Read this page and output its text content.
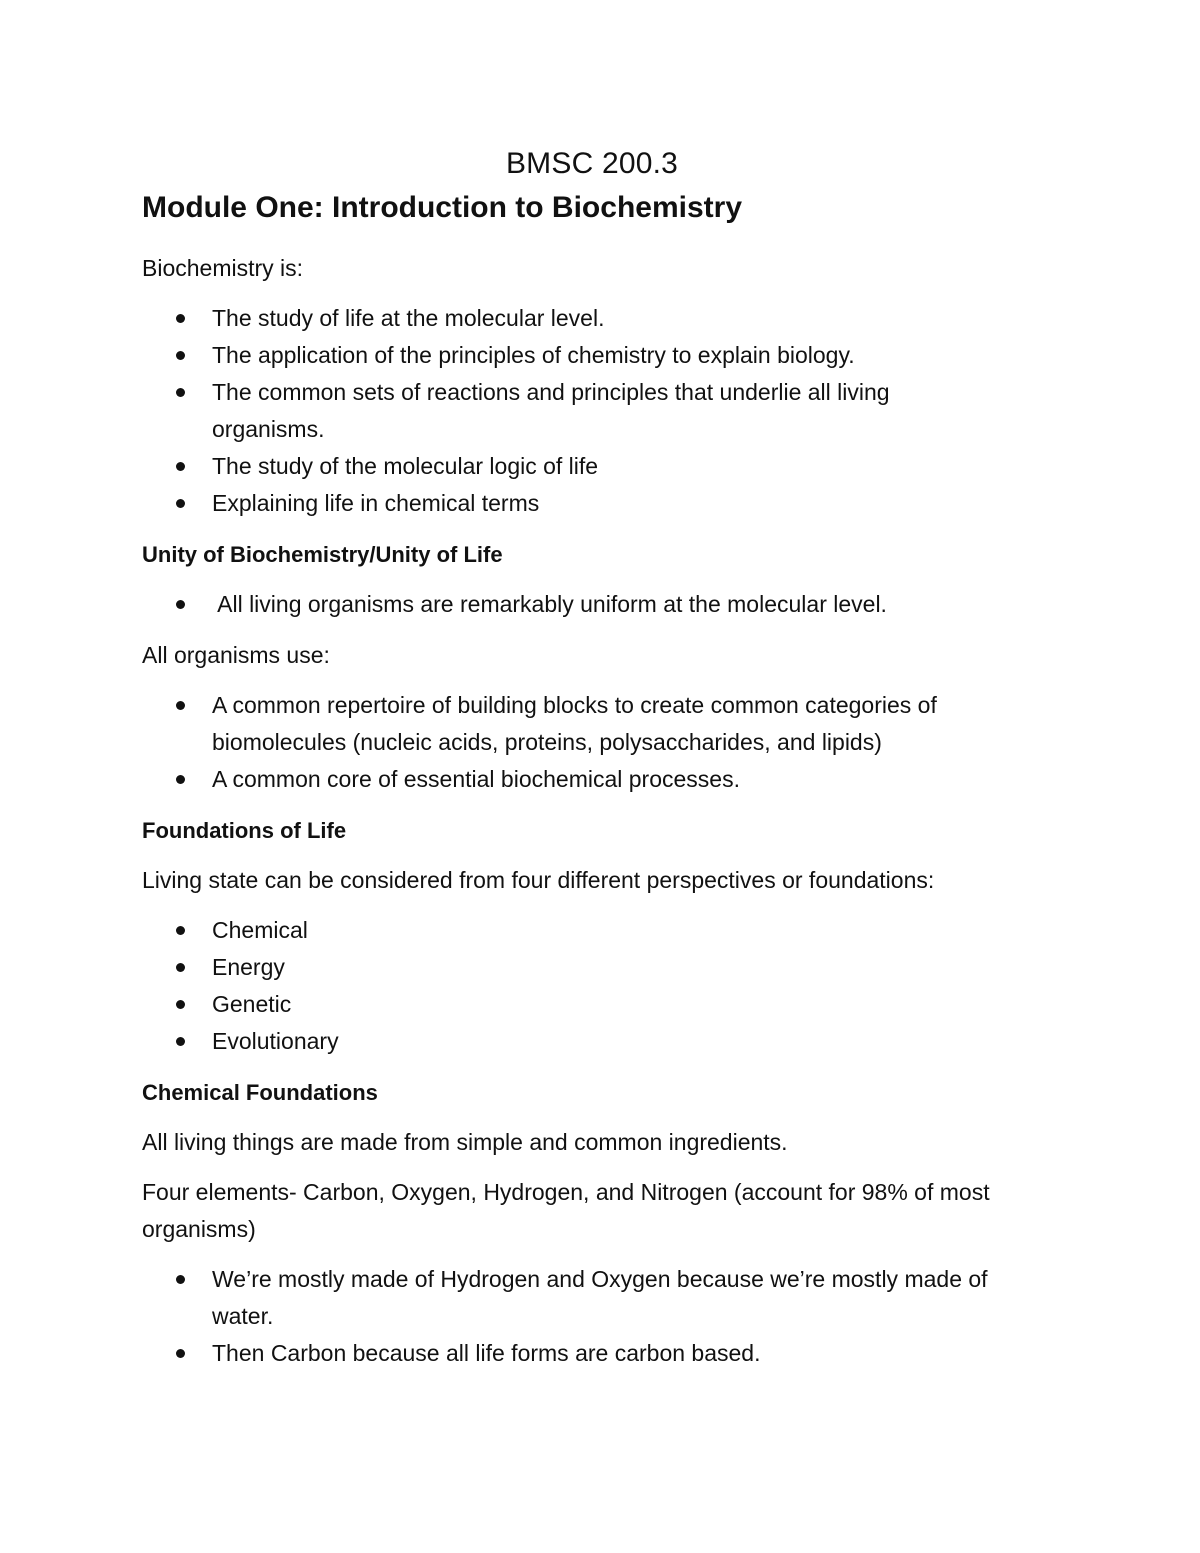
BMSC 200.3

Module One: Introduction to Biochemistry

Biochemistry is:

The study of life at the molecular level.
The application of the principles of chemistry to explain biology.
The common sets of reactions and principles that underlie all living organisms.
The study of the molecular logic of life
Explaining life in chemical terms

Unity of Biochemistry/Unity of Life

All living organisms are remarkably uniform at the molecular level.

All organisms use:

A common repertoire of building blocks to create common categories of biomolecules (nucleic acids, proteins, polysaccharides, and lipids)
A common core of essential biochemical processes.

Foundations of Life

Living state can be considered from four different perspectives or foundations:

Chemical
Energy
Genetic
Evolutionary

Chemical Foundations

All living things are made from simple and common ingredients.

Four elements- Carbon, Oxygen, Hydrogen, and Nitrogen (account for 98% of most organisms)

We’re mostly made of Hydrogen and Oxygen because we’re mostly made of water.
Then Carbon because all life forms are carbon based.
